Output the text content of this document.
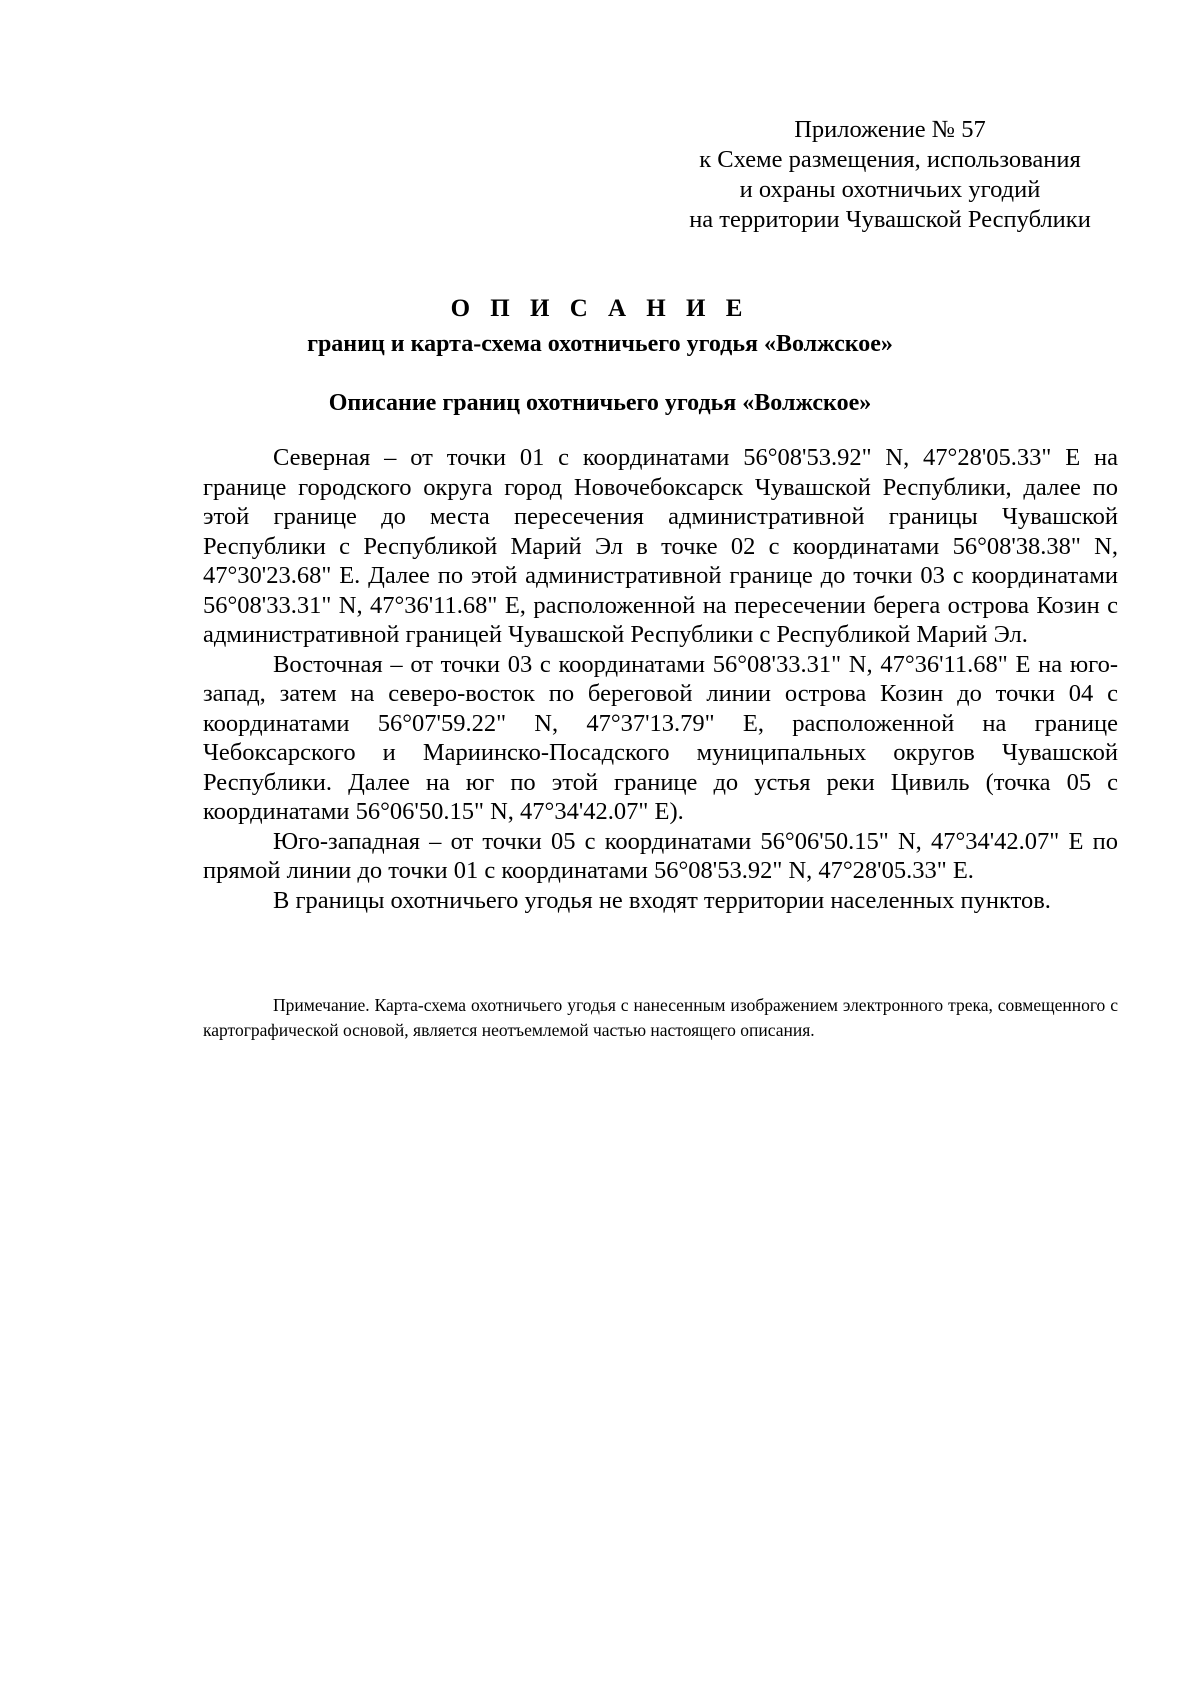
Приложение № 57
к Схеме размещения, использования
и охраны охотничьих угодий
на территории Чувашской Республики
О П И С А Н И Е
границ и карта-схема охотничьего угодья «Волжское»
Описание границ охотничьего угодья «Волжское»

Северная – от точки 01 с координатами 56°08'53.92" N, 47°28'05.33" E на границе городского округа город Новочебоксарск Чувашской Республики, далее по этой границе до места пересечения административной границы Чувашской Республики с Республикой Марий Эл в точке 02 с координатами 56°08'38.38" N, 47°30'23.68" E. Далее по этой административной границе до точки 03 с координатами 56°08'33.31" N, 47°36'11.68" E, расположенной на пересечении берега острова Козин с административной границей Чувашской Республики с Республикой Марий Эл.

Восточная – от точки 03 с координатами 56°08'33.31" N, 47°36'11.68" E на юго-запад, затем на северо-восток по береговой линии острова Козин до точки 04 с координатами 56°07'59.22" N, 47°37'13.79" E, расположенной на границе Чебоксарского и Мариинско-Посадского муниципальных округов Чувашской Республики. Далее на юг по этой границе до устья реки Цивиль (точка 05 с координатами 56°06'50.15" N, 47°34'42.07" E).

Юго-западная – от точки 05 с координатами 56°06'50.15" N, 47°34'42.07" E по прямой линии до точки 01 с координатами 56°08'53.92" N, 47°28'05.33" E.

В границы охотничьего угодья не входят территории населенных пунктов.

Примечание. Карта-схема охотничьего угодья с нанесенным изображением электронного трека, совмещенного с картографической основой, является неотъемлемой частью настоящего описания.
